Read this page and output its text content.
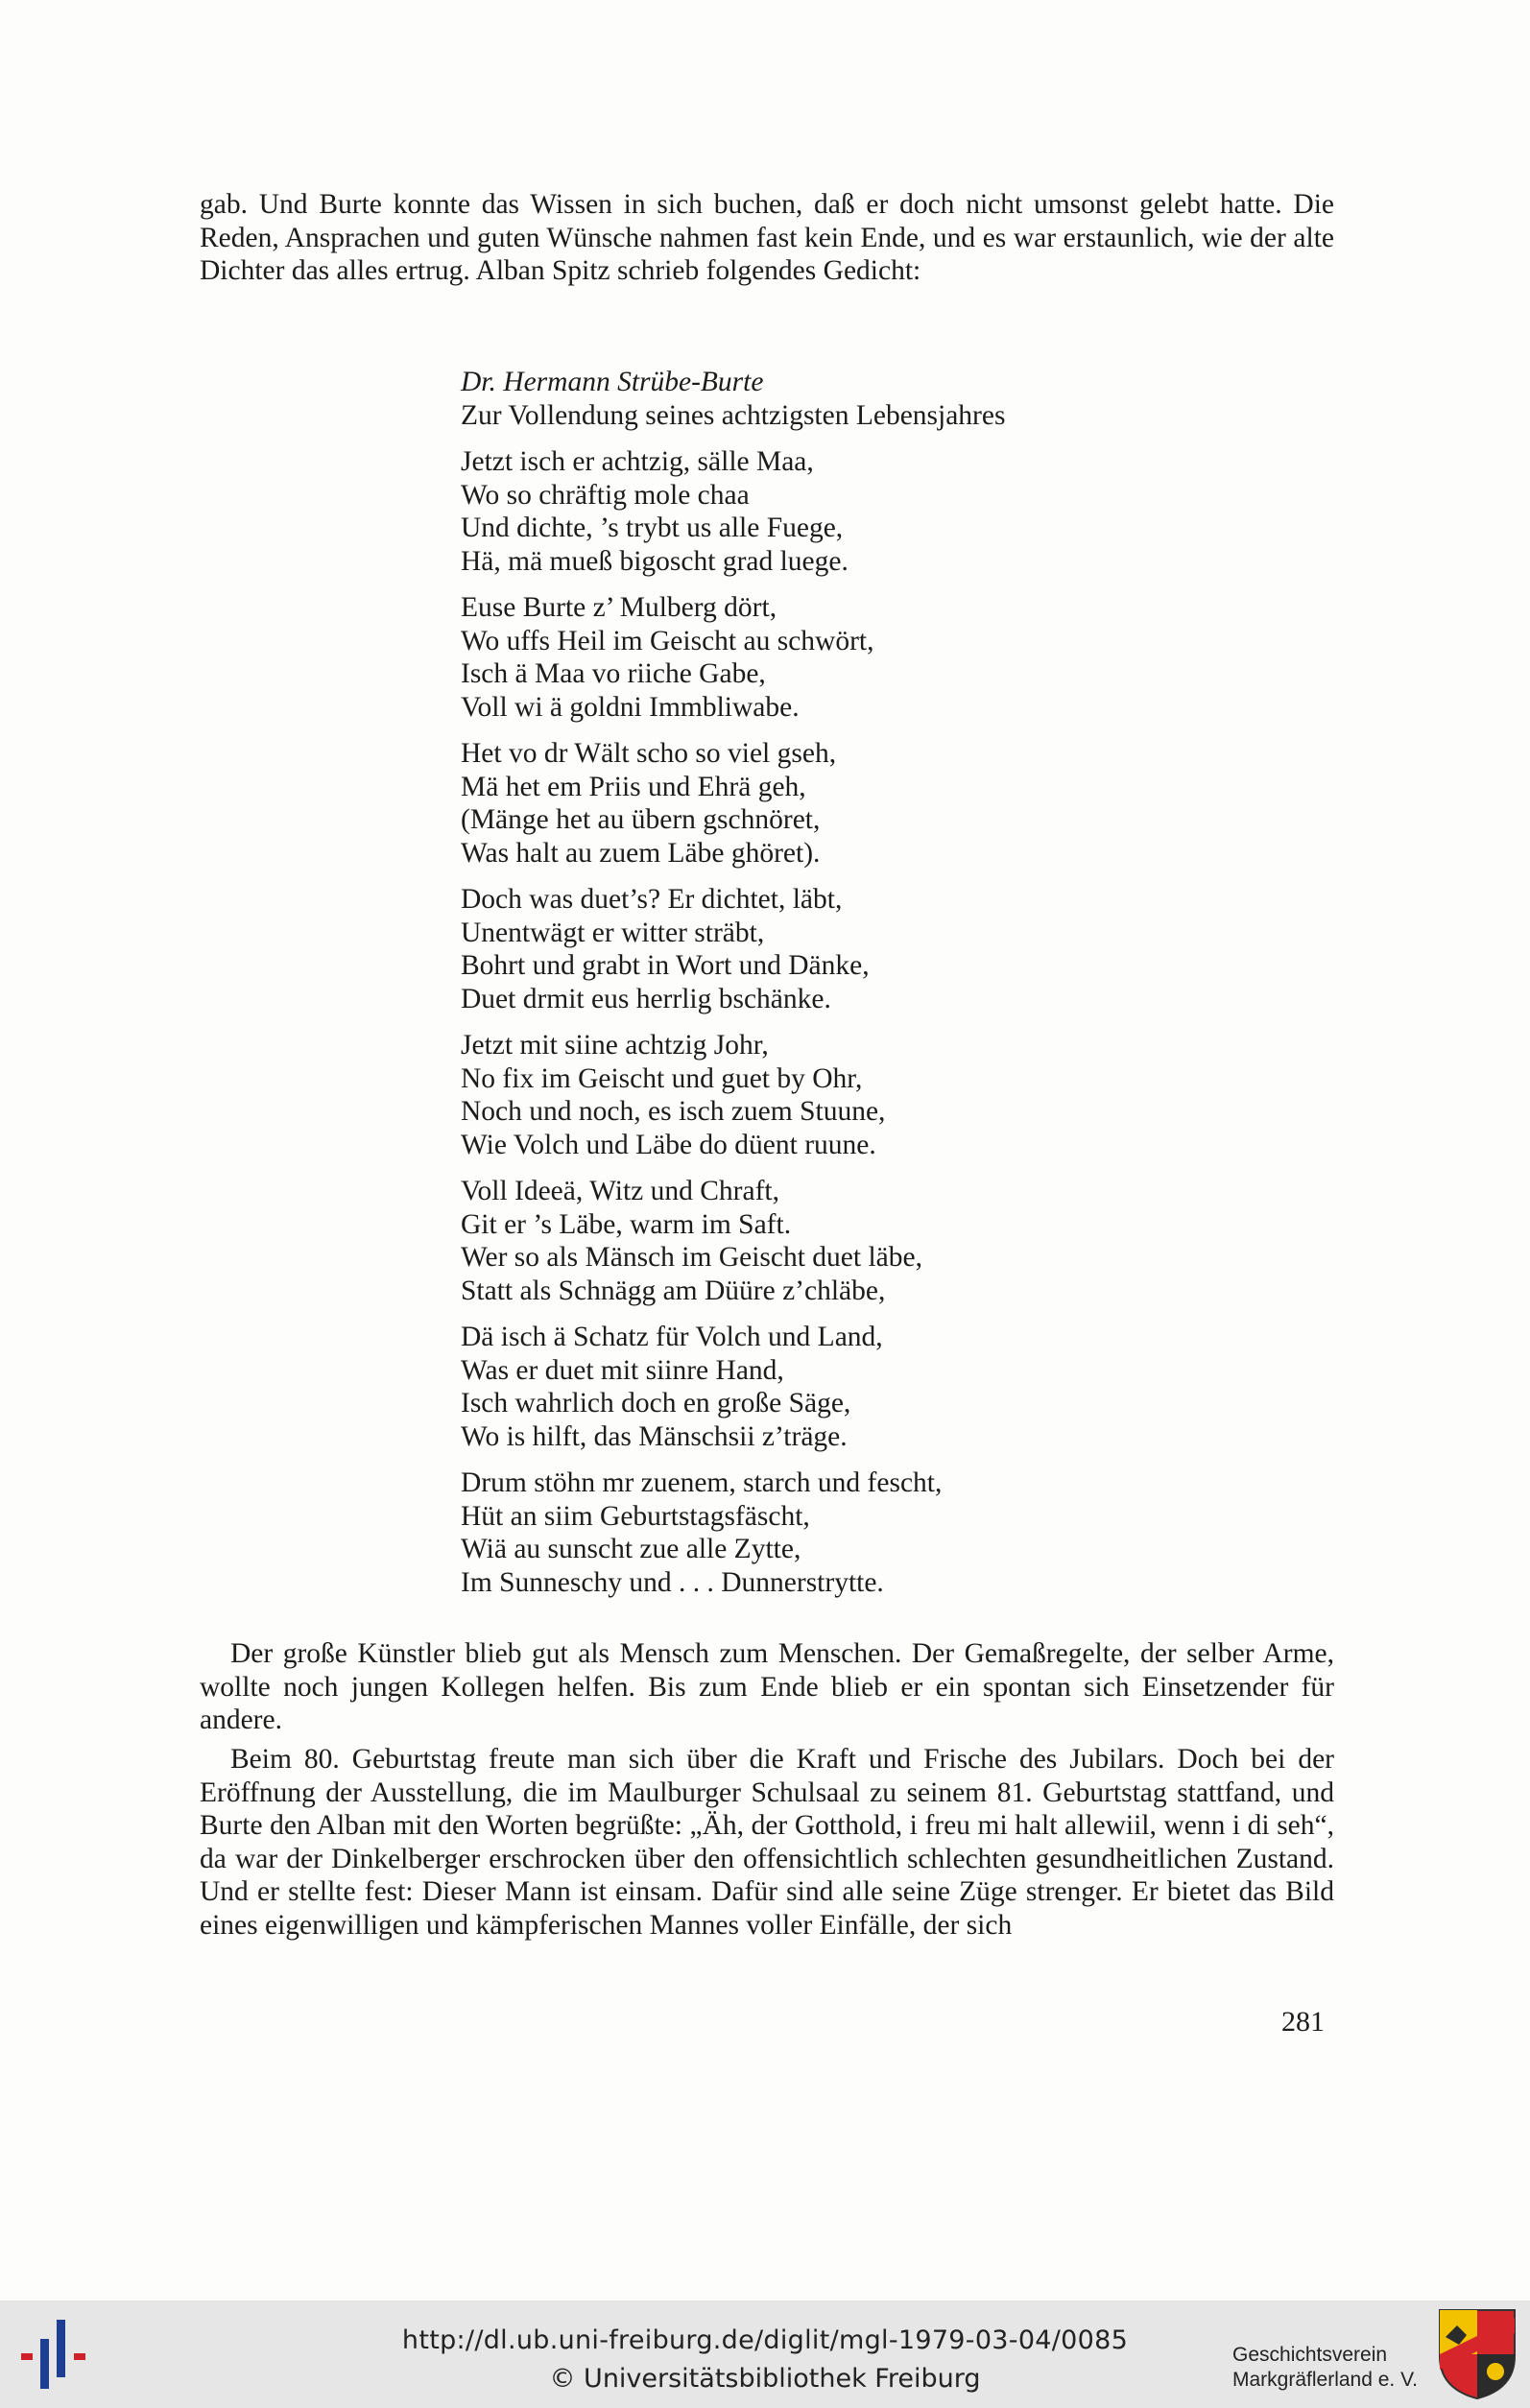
gab. Und Burte konnte das Wissen in sich buchen, daß er doch nicht umsonst gelebt hatte. Die Reden, Ansprachen und guten Wünsche nahmen fast kein Ende, und es war erstaunlich, wie der alte Dichter das alles ertrug. Alban Spitz schrieb folgendes Gedicht:

Dr. Hermann Strübe-Burte
Zur Vollendung seines achtzigsten Lebensjahres
Jetzt isch er achtzig, sälle Maa,
Wo so chräftig mole chaa
Und dichte, ’s trybt us alle Fuege,
Hä, mä mueß bigoscht grad luege.
Euse Burte z’ Mulberg dört,
Wo uffs Heil im Geischt au schwört,
Isch ä Maa vo riiche Gabe,
Voll wi ä goldni Immbliwabe.
Het vo dr Wält scho so viel gseh,
Mä het em Priis und Ehrä geh,
(Mänge het au übern gschnöret,
Was halt au zuem Läbe ghöret).
Doch was duet’s? Er dichtet, läbt,
Unentwägt er witter sträbt,
Bohrt und grabt in Wort und Dänke,
Duet drmit eus herrlig bschänke.
Jetzt mit siine achtzig Johr,
No fix im Geischt und guet by Ohr,
Noch und noch, es isch zuem Stuune,
Wie Volch und Läbe do düent ruune.
Voll Ideeä, Witz und Chraft,
Git er ’s Läbe, warm im Saft.
Wer so als Mänsch im Geischt duet läbe,
Statt als Schnägg am Düüre z’chläbe,
Dä isch ä Schatz für Volch und Land,
Was er duet mit siinre Hand,
Isch wahrlich doch en große Säge,
Wo is hilft, das Mänschsii z’träge.
Drum stöhn mr zuenem, starch und fescht,
Hüt an siim Geburtstagsfäscht,
Wiä au sunscht zue alle Zytte,
Im Sunneschy und . . . Dunnerstrytte.

Der große Künstler blieb gut als Mensch zum Menschen. Der Gemaßregelte, der selber Arme, wollte noch jungen Kollegen helfen. Bis zum Ende blieb er ein spontan sich Einsetzender für andere.

Beim 80. Geburtstag freute man sich über die Kraft und Frische des Jubilars. Doch bei der Eröffnung der Ausstellung, die im Maulburger Schulsaal zu seinem 81. Geburtstag stattfand, und Burte den Alban mit den Worten begrüßte: „Äh, der Gotthold, i freu mi halt allewiil, wenn i di seh“, da war der Dinkelberger erschrocken über den offensichtlich schlechten gesundheitlichen Zustand. Und er stellte fest: Dieser Mann ist einsam. Dafür sind alle seine Züge strenger. Er bietet das Bild eines eigenwilligen und kämpferischen Mannes voller Einfälle, der sich

281
http://dl.ub.uni-freiburg.de/diglit/mgl-1979-03-04/0085
© Universitätsbibliothek Freiburg
Geschichtsverein
Markgräflerland e. V.
